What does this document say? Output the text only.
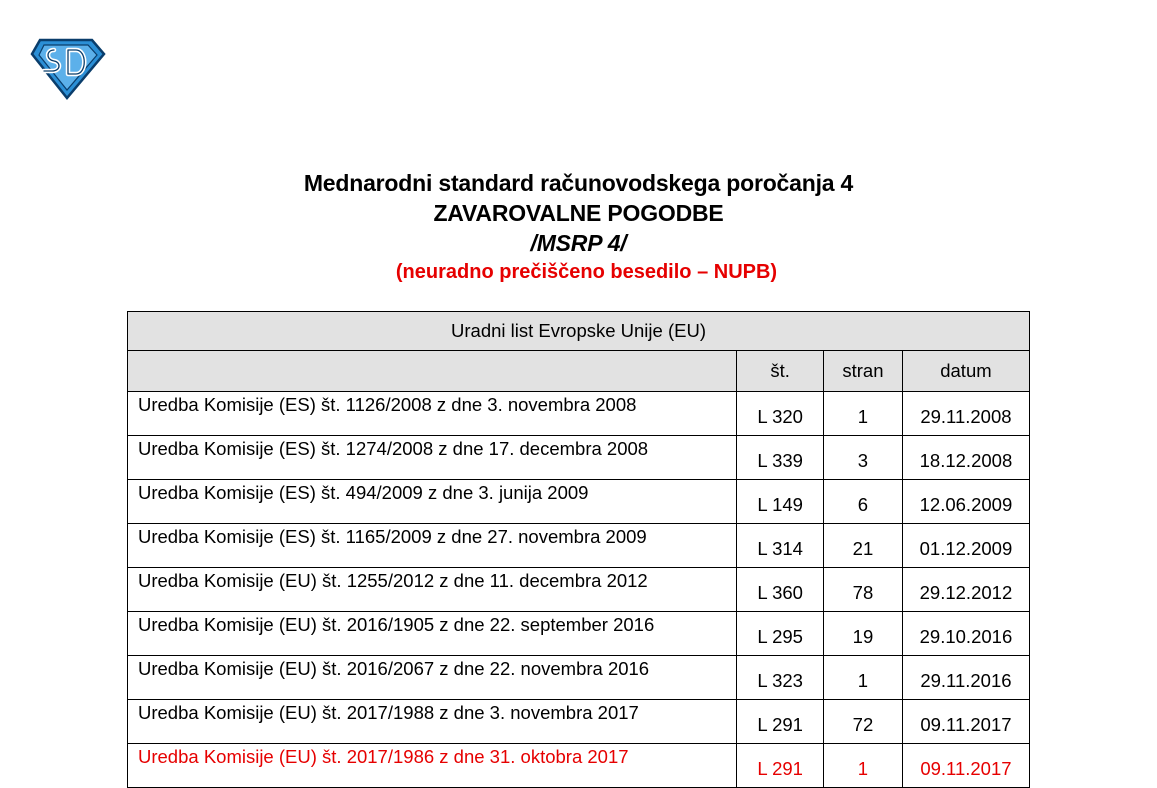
Mednarodni standard računovodskega poročanja 4
ZAVAROVALNE POGODBE
/MSRP 4/
(neuradno prečiščeno besedilo – NUPB)
Uradni list Evropske Unije (EU)			
	št.	stran	datum
Uredba Komisije (ES) št. 1126/2008 z dne 3. novembra 2008	L 320	1	29.11.2008
Uredba Komisije (ES) št. 1274/2008 z dne 17. decembra 2008	L 339	3	18.12.2008
Uredba Komisije (ES) št. 494/2009 z dne 3. junija 2009	L 149	6	12.06.2009
Uredba Komisije (ES) št. 1165/2009 z dne 27. novembra 2009	L 314	21	01.12.2009
Uredba Komisije (EU) št. 1255/2012 z dne 11. decembra 2012	L 360	78	29.12.2012
Uredba Komisije (EU) št. 2016/1905 z dne 22. september 2016	L 295	19	29.10.2016
Uredba Komisije (EU) št. 2016/2067 z dne 22. novembra 2016	L 323	1	29.11.2016
Uredba Komisije (EU) št. 2017/1988 z dne 3. novembra 2017	L 291	72	09.11.2017
Uredba Komisije (EU) št. 2017/1986 z dne 31. oktobra 2017	L 291	1	09.11.2017
